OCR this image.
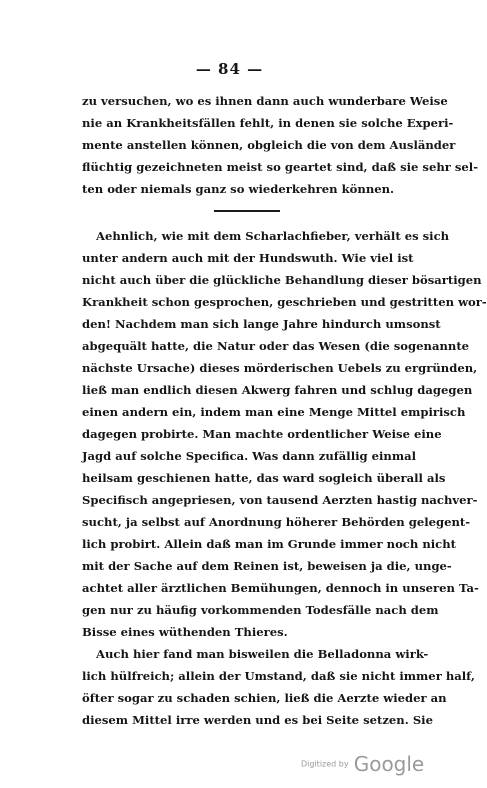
— 84 —
zu versuchen, wo es ihnen dann auch wunderbare Weise
nie an Krankheitsfällen fehlt, in denen sie solche Experi-
mente anstellen können, obgleich die von dem Ausländer
flüchtig gezeichneten meist so geartet sind, daß sie sehr sel-
ten oder niemals ganz so wiederkehren können.
Aehnlich, wie mit dem Scharlachfieber, verhält es sich
unter andern auch mit der Hundswuth. Wie viel ist
nicht auch über die glückliche Behandlung dieser bösartigen
Krankheit schon gesprochen, geschrieben und gestritten wor-
den! Nachdem man sich lange Jahre hindurch umsonst
abgequält hatte, die Natur oder das Wesen (die sogenannte
nächste Ursache) dieses mörderischen Uebels zu ergründen,
ließ man endlich diesen Akwerg fahren und schlug dagegen
einen andern ein, indem man eine Menge Mittel empirisch
dagegen probirte. Man machte ordentlicher Weise eine
Jagd auf solche Specifica. Was dann zufällig einmal
heilsam geschienen hatte, das ward sogleich überall als
Specifisch angepriesen, von tausend Aerzten hastig nachver-
sucht, ja selbst auf Anordnung höherer Behörden gelegent-
lich probirt. Allein daß man im Grunde immer noch nicht
mit der Sache auf dem Reinen ist, beweisen ja die, unge-
achtet aller ärztlichen Bemühungen, dennoch in unseren Ta-
gen nur zu häufig vorkommenden Todesfälle nach dem
Bisse eines wüthenden Thieres.
Auch hier fand man bisweilen die Belladonna wirk-
lich hülfreich; allein der Umstand, daß sie nicht immer half,
öfter sogar zu schaden schien, ließ die Aerzte wieder an
diesem Mittel irre werden und es bei Seite setzen. Sie
Digitized by Google
